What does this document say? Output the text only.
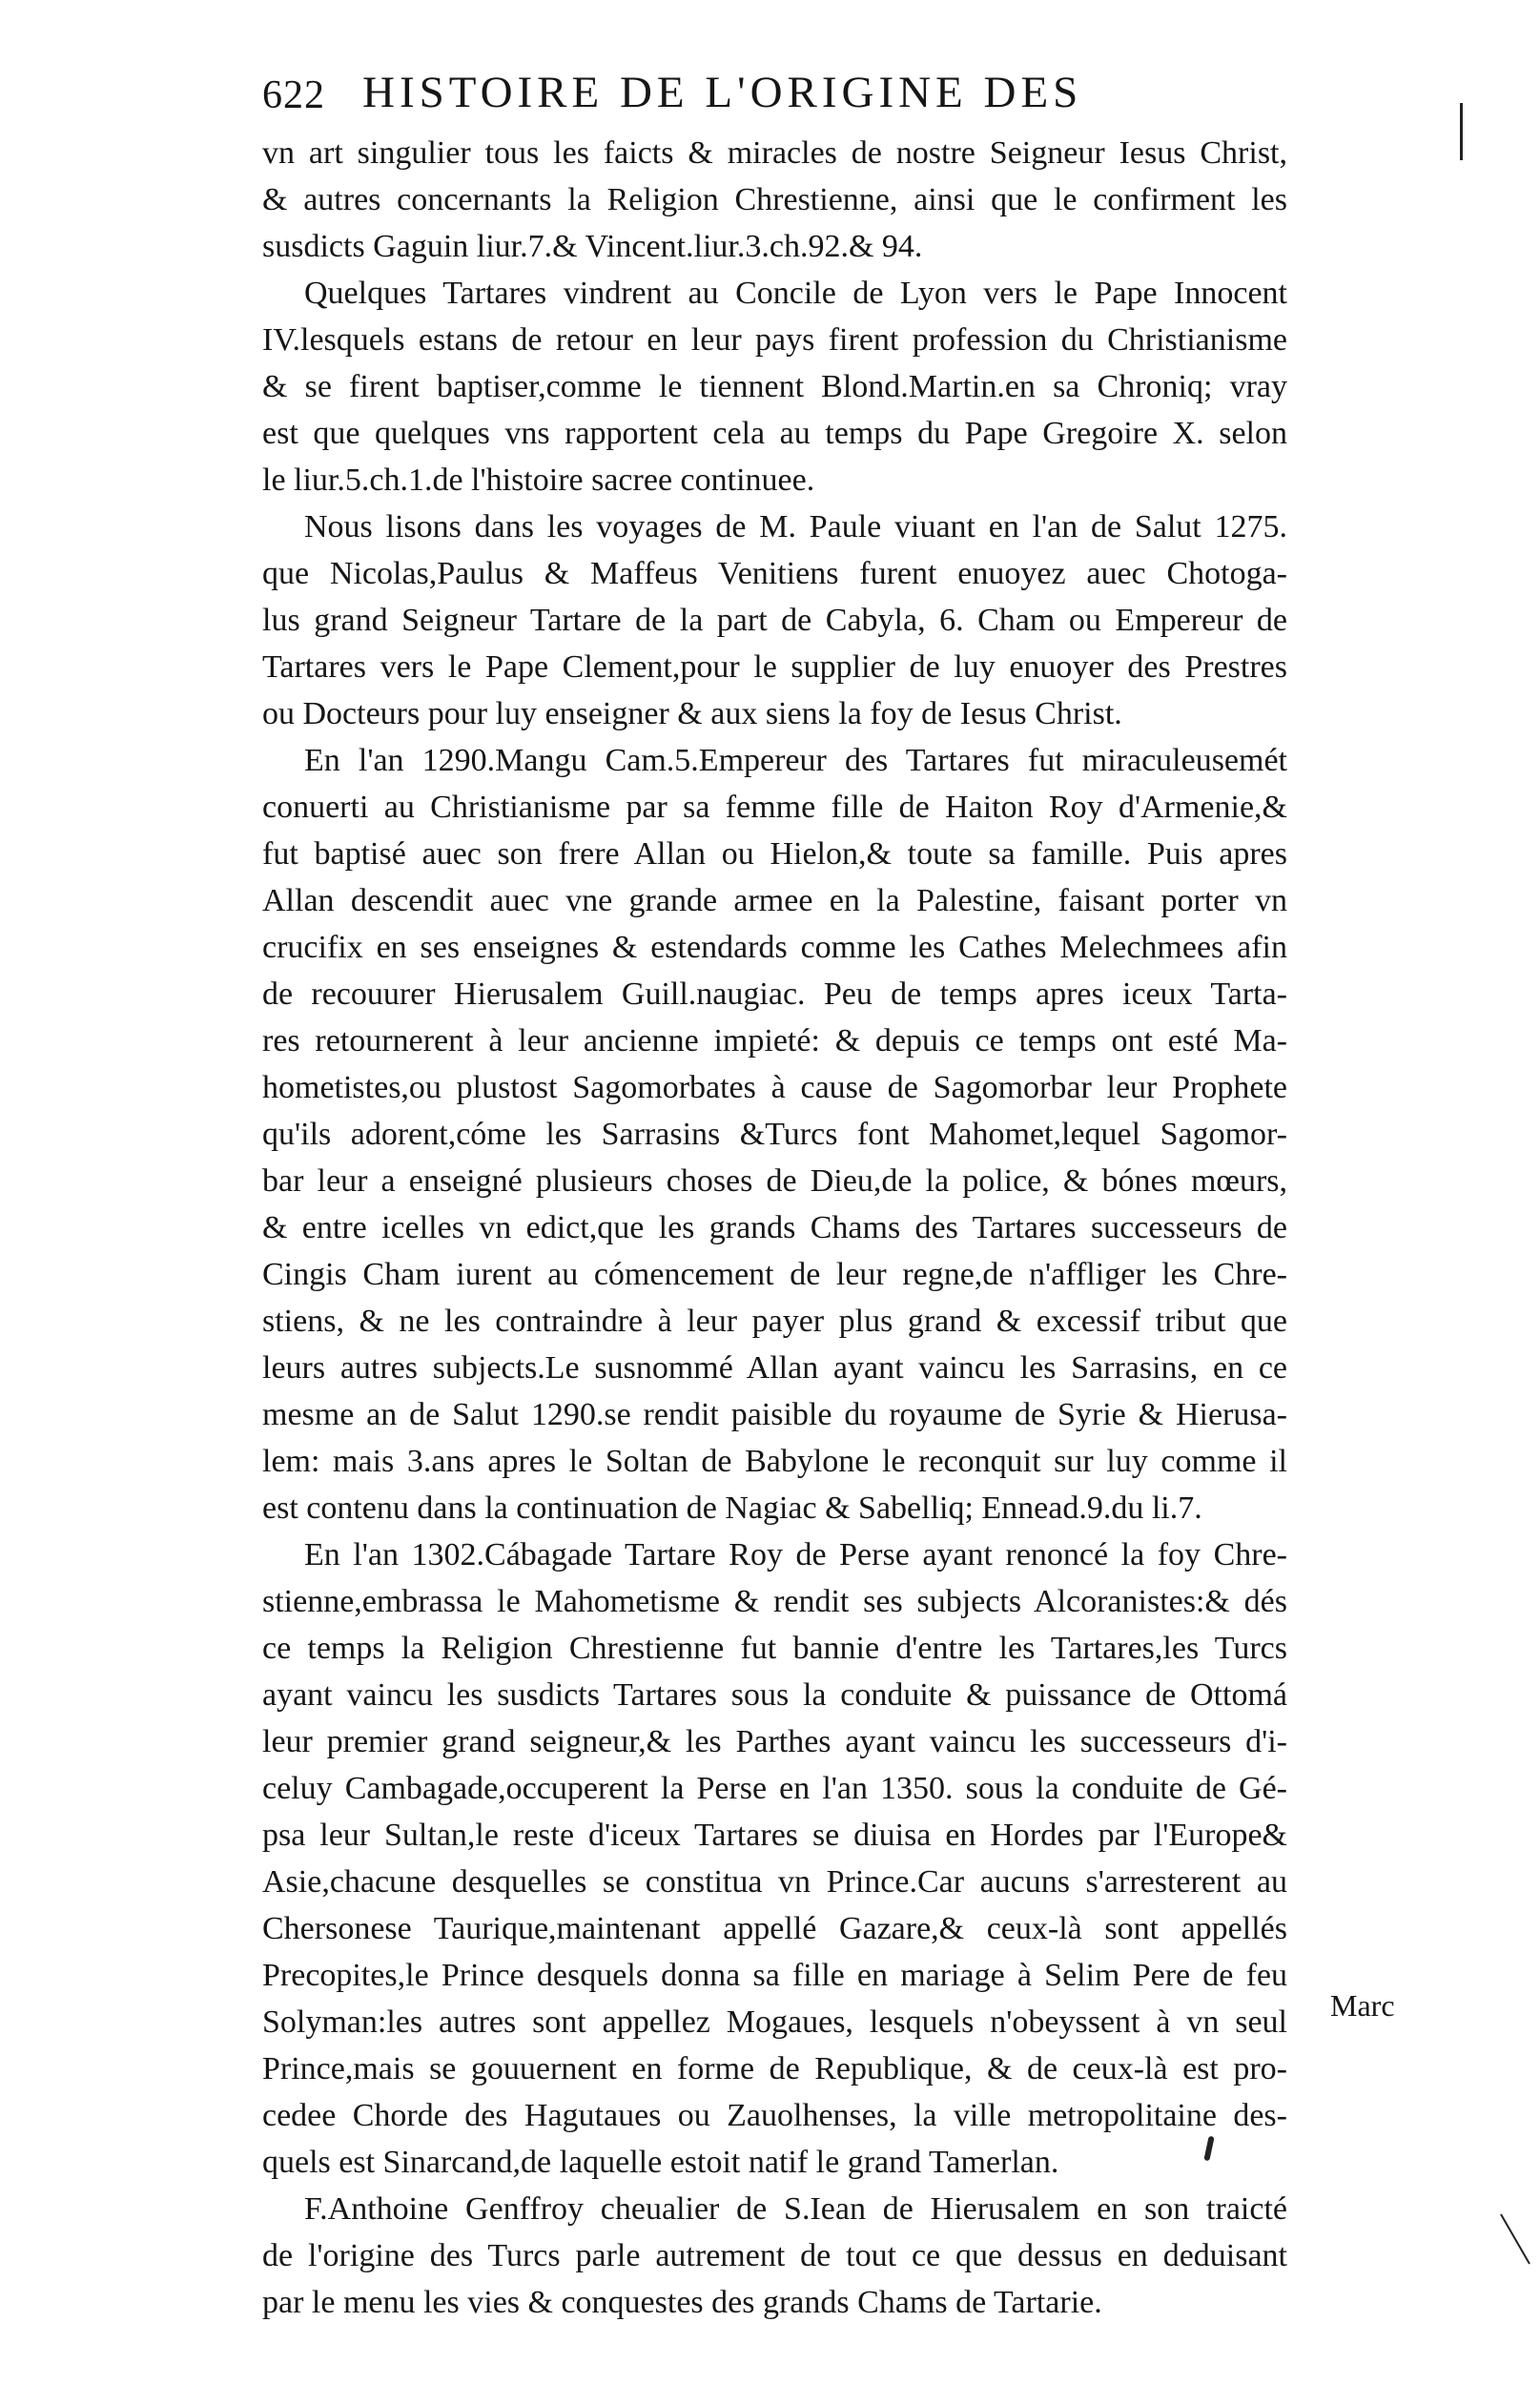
622 HISTOIRE DE L'ORIGINE DES
vn art singulier tous les faicts & miracles de nostre Seigneur Iesus Christ,
& autres concernants la Religion Chrestienne, ainsi que le confirment les
susdicts Gaguin liur.7.& Vincent.liur.3.ch.92.& 94.
Quelques Tartares vindrent au Concile de Lyon vers le Pape Innocent
IV.lesquels estans de retour en leur pays firent profession du Christianisme
& se firent baptiser,comme le tiennent Blond.Martin.en sa Chroniq; vray
est que quelques vns rapportent cela au temps du Pape Gregoire X. selon
le liur.5.ch.1.de l'histoire sacree continuee.
Nous lisons dans les voyages de M. Paule viuant en l'an de Salut 1275.
que Nicolas,Paulus & Maffeus Venitiens furent enuoyez auec Chotoga-
lus grand Seigneur Tartare de la part de Cabyla, 6. Cham ou Empereur de
Tartares vers le Pape Clement,pour le supplier de luy enuoyer des Prestres
ou Docteurs pour luy enseigner & aux siens la foy de Iesus Christ.
En l'an 1290.Mangu Cam.5.Empereur des Tartares fut miraculeusemét
conuerti au Christianisme par sa femme fille de Haiton Roy d'Armenie,&
fut baptisé auec son frere Allan ou Hielon,& toute sa famille. Puis apres
Allan descendit auec vne grande armee en la Palestine, faisant porter vn
crucifix en ses enseignes & estendards comme les Cathes Melechmees afin
de recouurer Hierusalem Guill.naugiac. Peu de temps apres iceux Tarta-
res retournerent à leur ancienne impieté: & depuis ce temps ont esté Ma-
hometistes,ou plustost Sagomorbates à cause de Sagomorbar leur Prophete
qu'ils adorent,cóme les Sarrasins &Turcs font Mahomet,lequel Sagomor-
bar leur a enseigné plusieurs choses de Dieu,de la police, & bónes mœurs,
& entre icelles vn edict,que les grands Chams des Tartares successeurs de
Cingis Cham iurent au cómencement de leur regne,de n'affliger les Chre-
stiens, & ne les contraindre à leur payer plus grand & excessif tribut que
leurs autres subjects.Le susnommé Allan ayant vaincu les Sarrasins, en ce
mesme an de Salut 1290.se rendit paisible du royaume de Syrie & Hierusa-
lem: mais 3.ans apres le Soltan de Babylone le reconquit sur luy comme il
est contenu dans la continuation de Nagiac & Sabelliq; Ennead.9.du li.7.
En l'an 1302.Cábagade Tartare Roy de Perse ayant renoncé la foy Chre-
stienne,embrassa le Mahometisme & rendit ses subjects Alcoranistes:& dés
ce temps la Religion Chrestienne fut bannie d'entre les Tartares,les Turcs
ayant vaincu les susdicts Tartares sous la conduite & puissance de Ottomá
leur premier grand seigneur,& les Parthes ayant vaincu les successeurs d'i-
celuy Cambagade,occuperent la Perse en l'an 1350. sous la conduite de Gé-
psa leur Sultan,le reste d'iceux Tartares se diuisa en Hordes par l'Europe&
Asie,chacune desquelles se constitua vn Prince.Car aucuns s'arresterent au
Chersonese Taurique,maintenant appellé Gazare,& ceux-là sont appellés
Precopites,le Prince desquels donna sa fille en mariage à Selim Pere de feu
Solyman:les autres sont appellez Mogaues, lesquels n'obeyssent à vn seul
Prince,mais se gouuernent en forme de Republique, & de ceux-là est pro-
cedee Chorde des Hagutaues ou Zauolhenses, la ville metropolitaine des-
quels est Sinarcand,de laquelle estoit natif le grand Tamerlan.
F.Anthoine Genffroy cheualier de S.Iean de Hierusalem en son traicté
de l'origine des Turcs parle autrement de tout ce que dessus en deduisant
par le menu les vies & conquestes des grands Chams de Tartarie.
Marc
